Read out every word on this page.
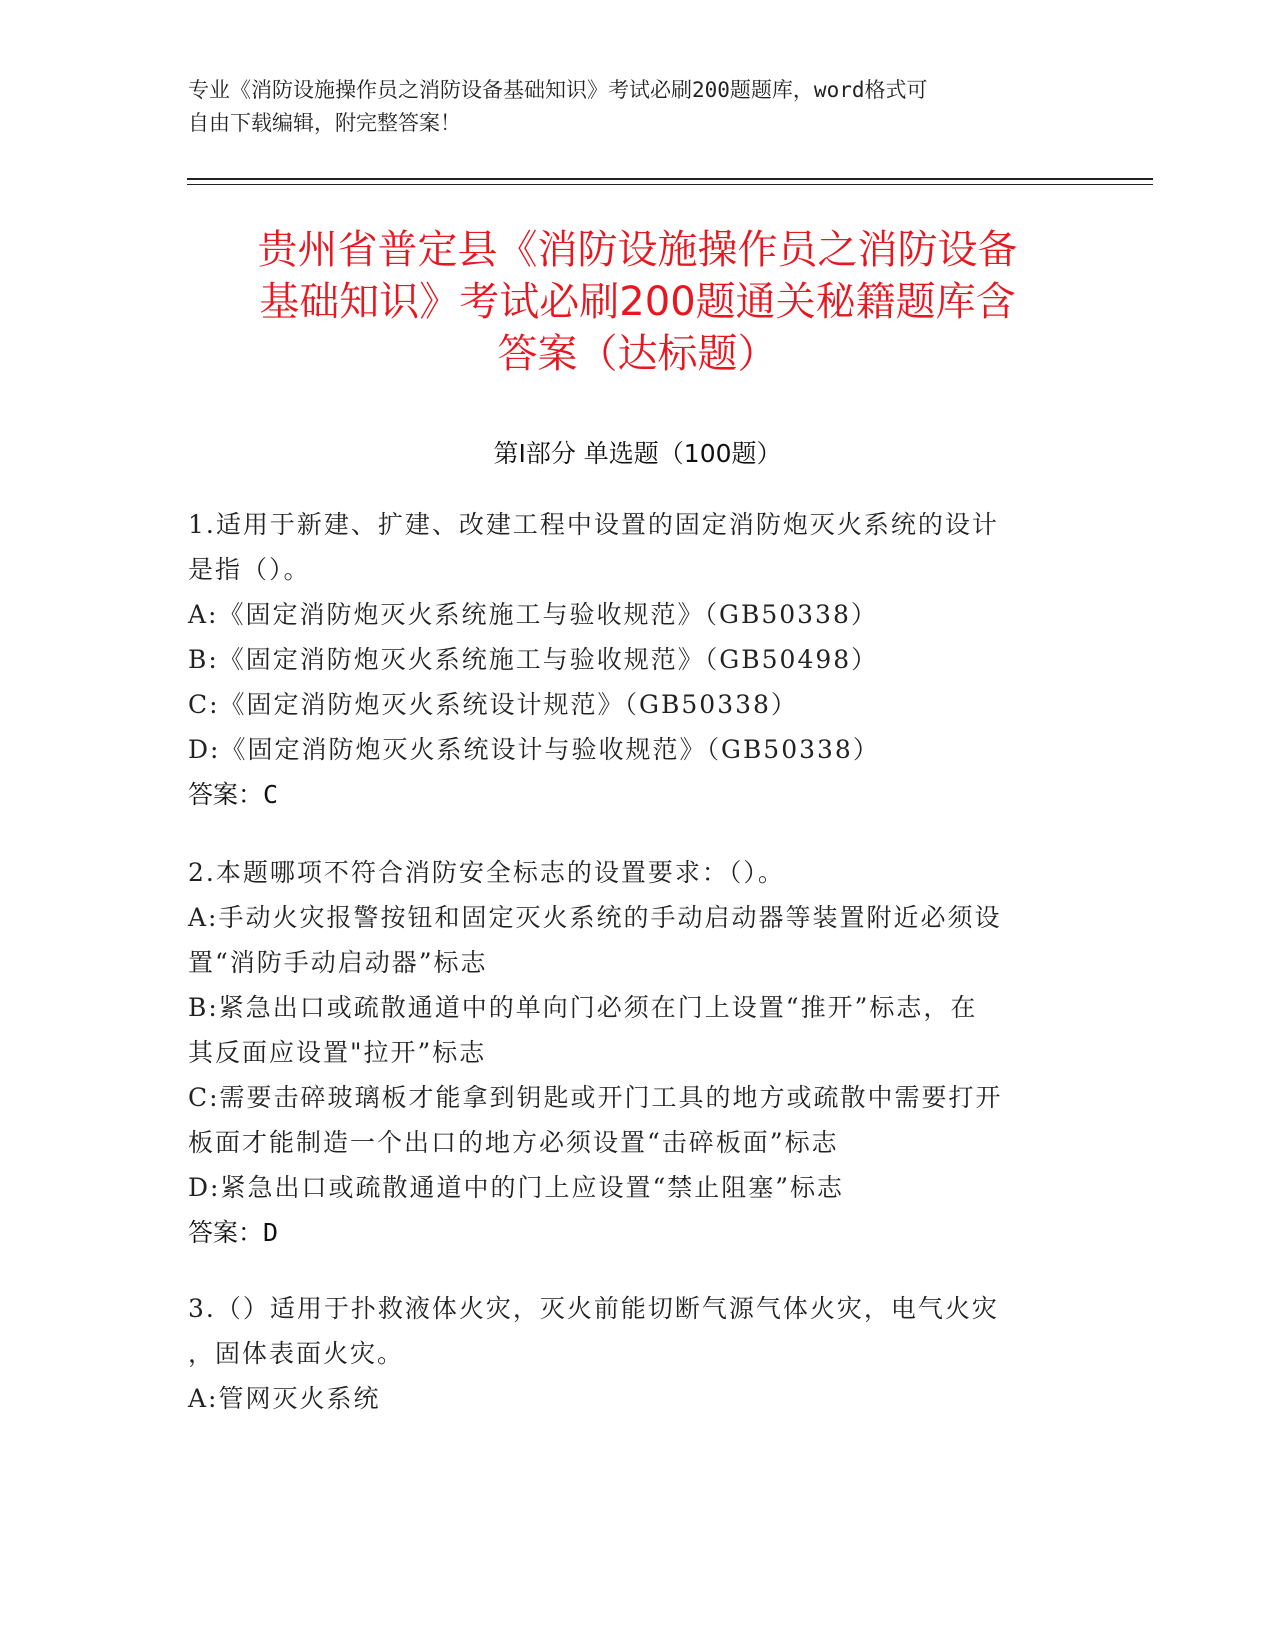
专业《消防设施操作员之消防设备基础知识》考试必刷200题题库，word格式可
自由下载编辑，附完整答案！
贵州省普定县《消防设施操作员之消防设备
基础知识》考试必刷200题通关秘籍题库含
答案（达标题）
第Ⅰ部分 单选题（100题）
1.适用于新建、扩建、改建工程中设置的固定消防炮灭火系统的设计
是指（）。
A:《固定消防炮灭火系统施工与验收规范》（GB50338）
B:《固定消防炮灭火系统施工与验收规范》（GB50498）
C:《固定消防炮灭火系统设计规范》（GB50338）
D:《固定消防炮灭火系统设计与验收规范》（GB50338）
答案：C
2.本题哪项不符合消防安全标志的设置要求：（）。
A:手动火灾报警按钮和固定灭火系统的手动启动器等装置附近必须设
置“消防手动启动器”标志
B:紧急出口或疏散通道中的单向门必须在门上设置“推开”标志，在
其反面应设置"拉开”标志
C:需要击碎玻璃板才能拿到钥匙或开门工具的地方或疏散中需要打开
板面才能制造一个出口的地方必须设置“击碎板面”标志
D:紧急出口或疏散通道中的门上应设置“禁止阻塞”标志
答案：D
3.（）适用于扑救液体火灾，灭火前能切断气源气体火灾，电气火灾
，固体表面火灾。
A:管网灭火系统
